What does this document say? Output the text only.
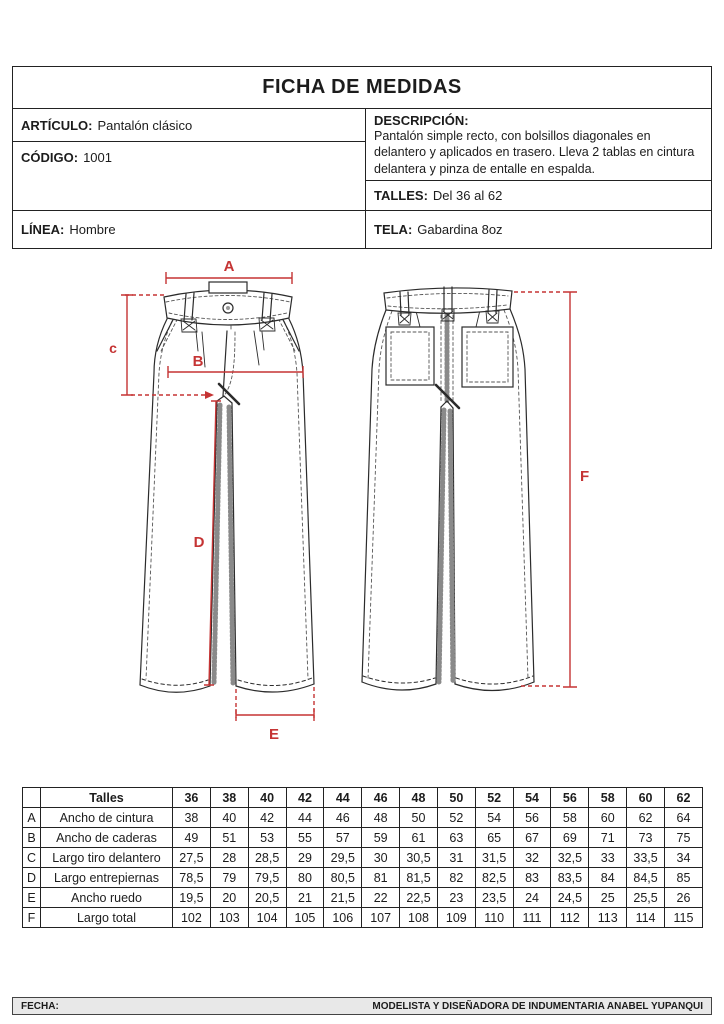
FICHA DE MEDIDAS
ARTÍCULO: Pantalón clásico
CÓDIGO: 1001
LÍNEA: Hombre
DESCRIPCIÓN:
Pantalón simple recto, con bolsillos diagonales en delantero y aplicados en trasero. Lleva 2 tablas en cintura delantera y pinza de entalle en espalda.
TALLES: Del 36 al 62
TELA: Gabardina 8oz
A
B
c
D
E
F
	Talles	36	38	40	42	44	46	48	50	52	54	56	58	60	62
A	Ancho de cintura	38	40	42	44	46	48	50	52	54	56	58	60	62	64
B	Ancho de caderas	49	51	53	55	57	59	61	63	65	67	69	71	73	75
C	Largo tiro delantero	27,5	28	28,5	29	29,5	30	30,5	31	31,5	32	32,5	33	33,5	34
D	Largo entrepiernas	78,5	79	79,5	80	80,5	81	81,5	82	82,5	83	83,5	84	84,5	85
E	Ancho ruedo	19,5	20	20,5	21	21,5	22	22,5	23	23,5	24	24,5	25	25,5	26
F	Largo total	102	103	104	105	106	107	108	109	110	111	112	113	114	115
FECHA:	MODELISTA Y DISEÑADORA DE INDUMENTARIA ANABEL YUPANQUI
